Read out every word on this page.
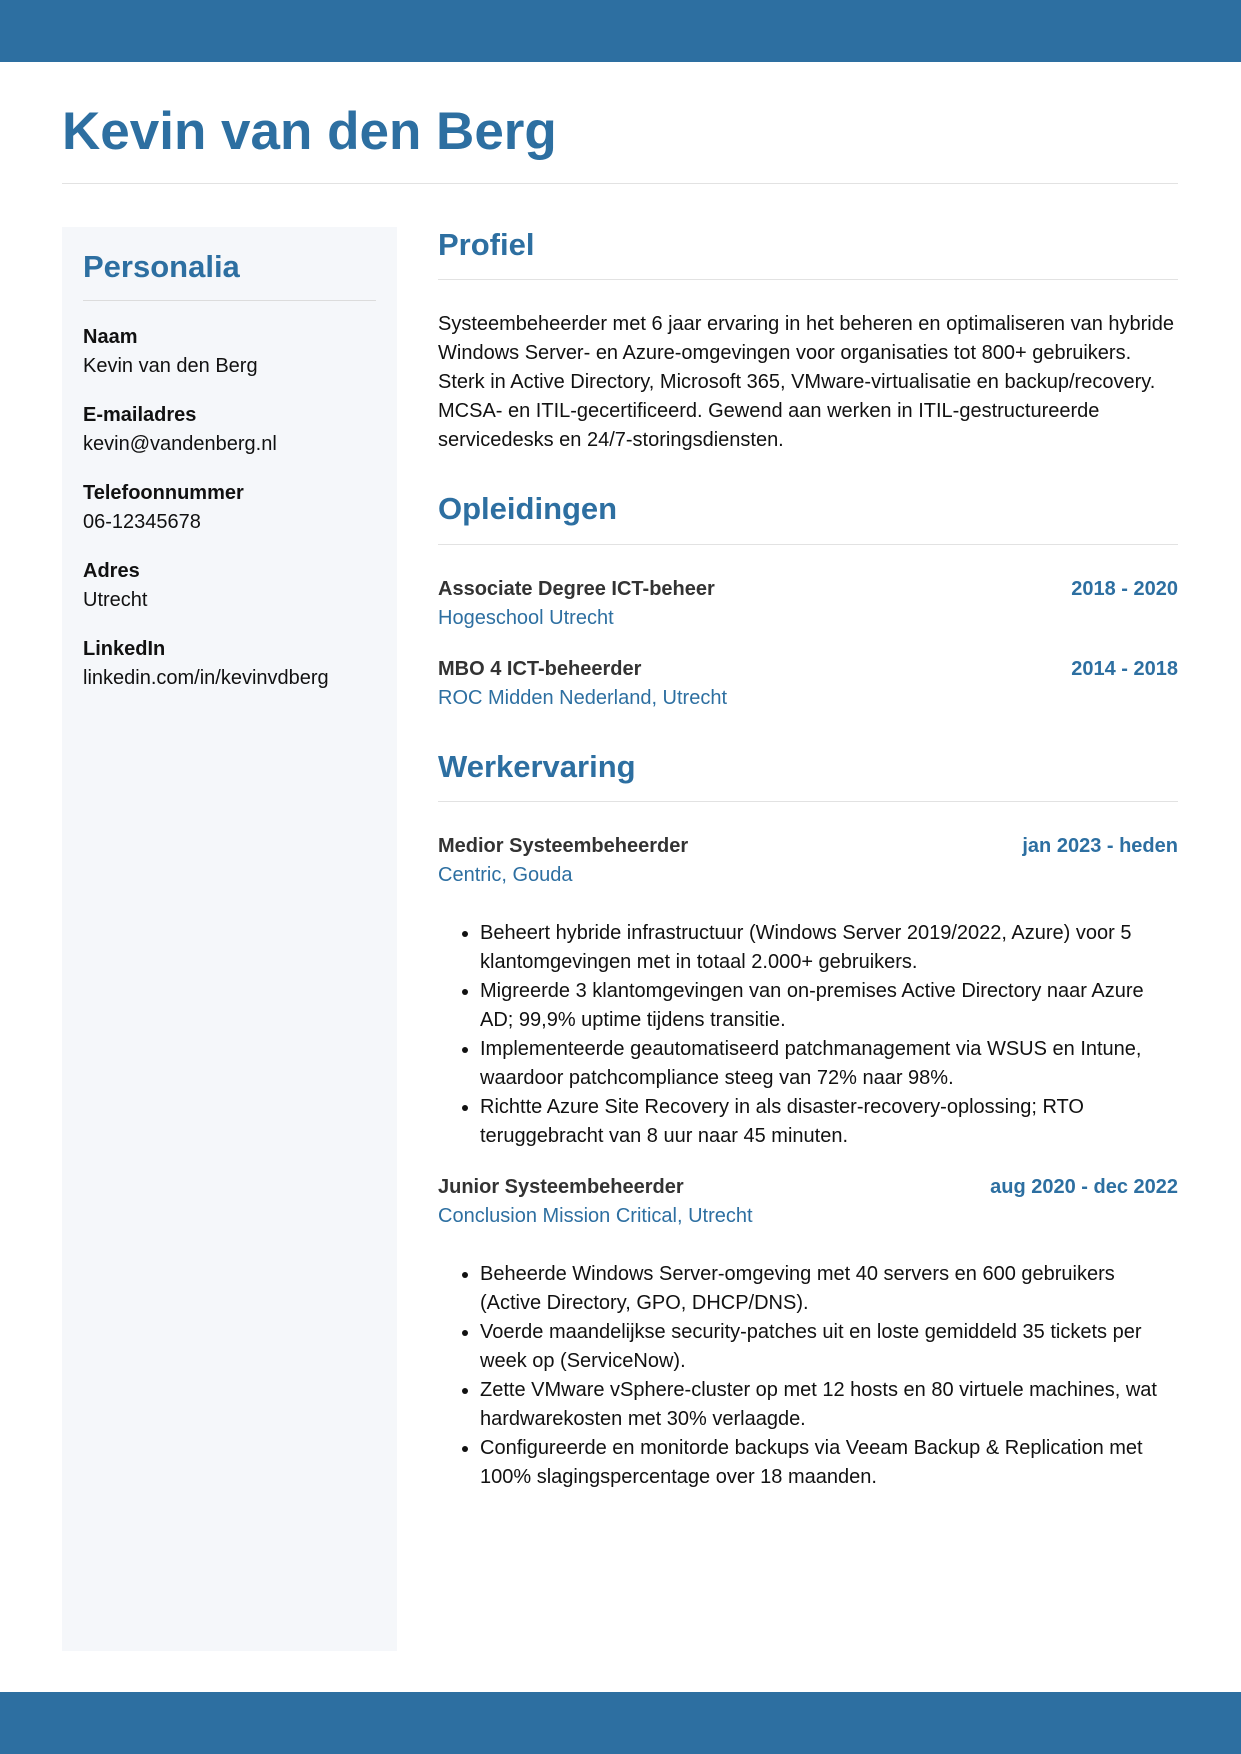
Kevin van den Berg
Personalia
Naam
Kevin van den Berg
E-mailadres
kevin@vandenberg.nl
Telefoonnummer
06-12345678
Adres
Utrecht
LinkedIn
linkedin.com/in/kevinvdberg
Profiel

Systeembeheerder met 6 jaar ervaring in het beheren en optimaliseren van hybride Windows Server- en Azure-omgevingen voor organisaties tot 800+ gebruikers. Sterk in Active Directory, Microsoft 365, VMware-virtualisatie en backup/recovery. MCSA- en ITIL-gecertificeerd. Gewend aan werken in ITIL-gestructureerde servicedesks en 24/7-storingsdiensten.

Opleidingen
Associate Degree ICT-beheer	2018 - 2020
Hogeschool Utrecht
MBO 4 ICT-beheerder	2014 - 2018
ROC Midden Nederland, Utrecht
Werkervaring
Medior Systeembeheerder	jan 2023 - heden
Centric, Gouda
• Beheert hybride infrastructuur (Windows Server 2019/2022, Azure) voor 5 klantomgevingen met in totaal 2.000+ gebruikers.
• Migreerde 3 klantomgevingen van on-premises Active Directory naar Azure AD; 99,9% uptime tijdens transitie.
• Implementeerde geautomatiseerd patchmanagement via WSUS en Intune, waardoor patchcompliance steeg van 72% naar 98%.
• Richtte Azure Site Recovery in als disaster-recovery-oplossing; RTO teruggebracht van 8 uur naar 45 minuten.
Junior Systeembeheerder	aug 2020 - dec 2022
Conclusion Mission Critical, Utrecht
• Beheerde Windows Server-omgeving met 40 servers en 600 gebruikers (Active Directory, GPO, DHCP/DNS).
• Voerde maandelijkse security-patches uit en loste gemiddeld 35 tickets per week op (ServiceNow).
• Zette VMware vSphere-cluster op met 12 hosts en 80 virtuele machines, wat hardwarekosten met 30% verlaagde.
• Configureerde en monitorde backups via Veeam Backup & Replication met 100% slagingspercentage over 18 maanden.
